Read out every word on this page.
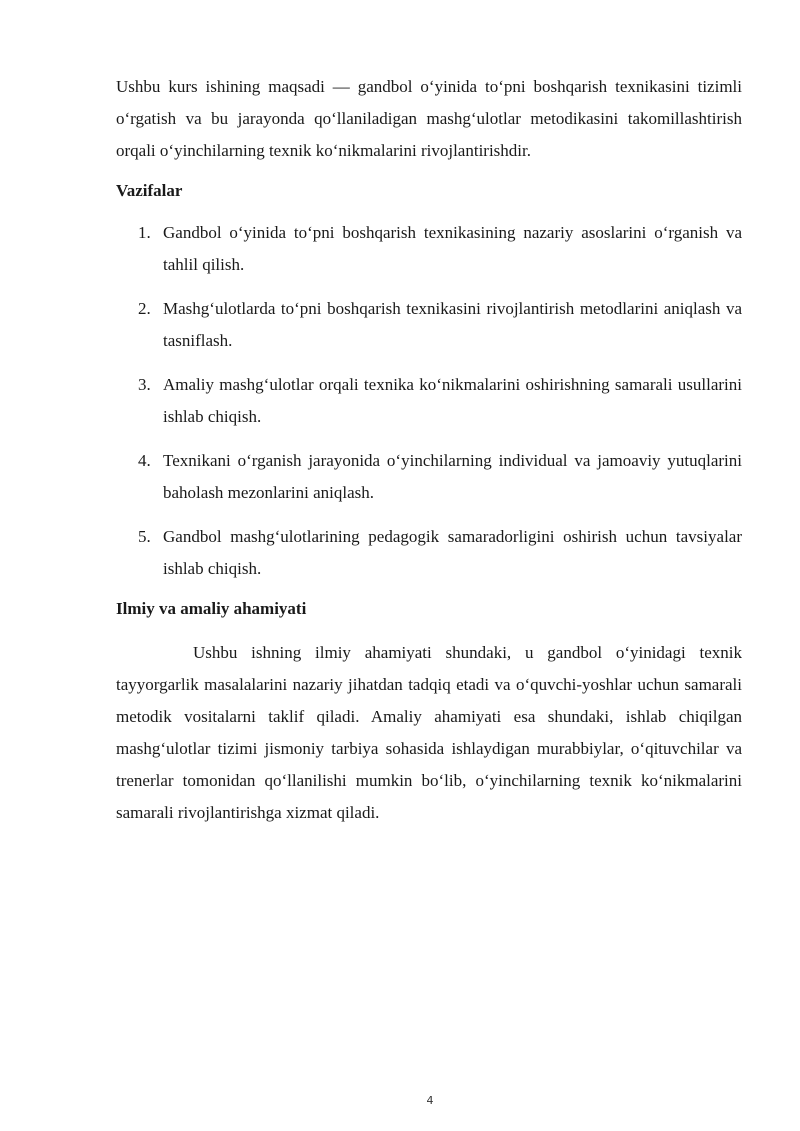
Ushbu kurs ishining maqsadi — gandbol o‘yinida to‘pni boshqarish texnikasini tizimli o‘rgatish va bu jarayonda qo‘llaniladigan mashg‘ulotlar metodikasini takomillashtirish orqali o‘yinchilarning texnik ko‘nikmalarini rivojlantirishdir.

Vazifalar
1. Gandbol o‘yinida to‘pni boshqarish texnikasining nazariy asoslarini o‘rganish va tahlil qilish.
2. Mashg‘ulotlarda to‘pni boshqarish texnikasini rivojlantirish metodlarini aniqlash va tasniflash.
3. Amaliy mashg‘ulotlar orqali texnika ko‘nikmalarini oshirishning samarali usullarini ishlab chiqish.
4. Texnikani o‘rganish jarayonida o‘yinchilarning individual va jamoaviy yutuqlarini baholash mezonlarini aniqlash.
5. Gandbol mashg‘ulotlarining pedagogik samaradorligini oshirish uchun tavsiyalar ishlab chiqish.
Ilmiy va amaliy ahamiyati

Ushbu ishning ilmiy ahamiyati shundaki, u gandbol o‘yinidagi texnik tayyorgarlik masalalarini nazariy jihatdan tadqiq etadi va o‘quvchi-yoshlar uchun samarali metodik vositalarni taklif qiladi. Amaliy ahamiyati esa shundaki, ishlab chiqilgan mashg‘ulotlar tizimi jismoniy tarbiya sohasida ishlaydigan murabbiylar, o‘qituvchilar va trenerlar tomonidan qo‘llanilishi mumkin bo‘lib, o‘yinchilarning texnik ko‘nikmalarini samarali rivojlantirishga xizmat qiladi.

4
